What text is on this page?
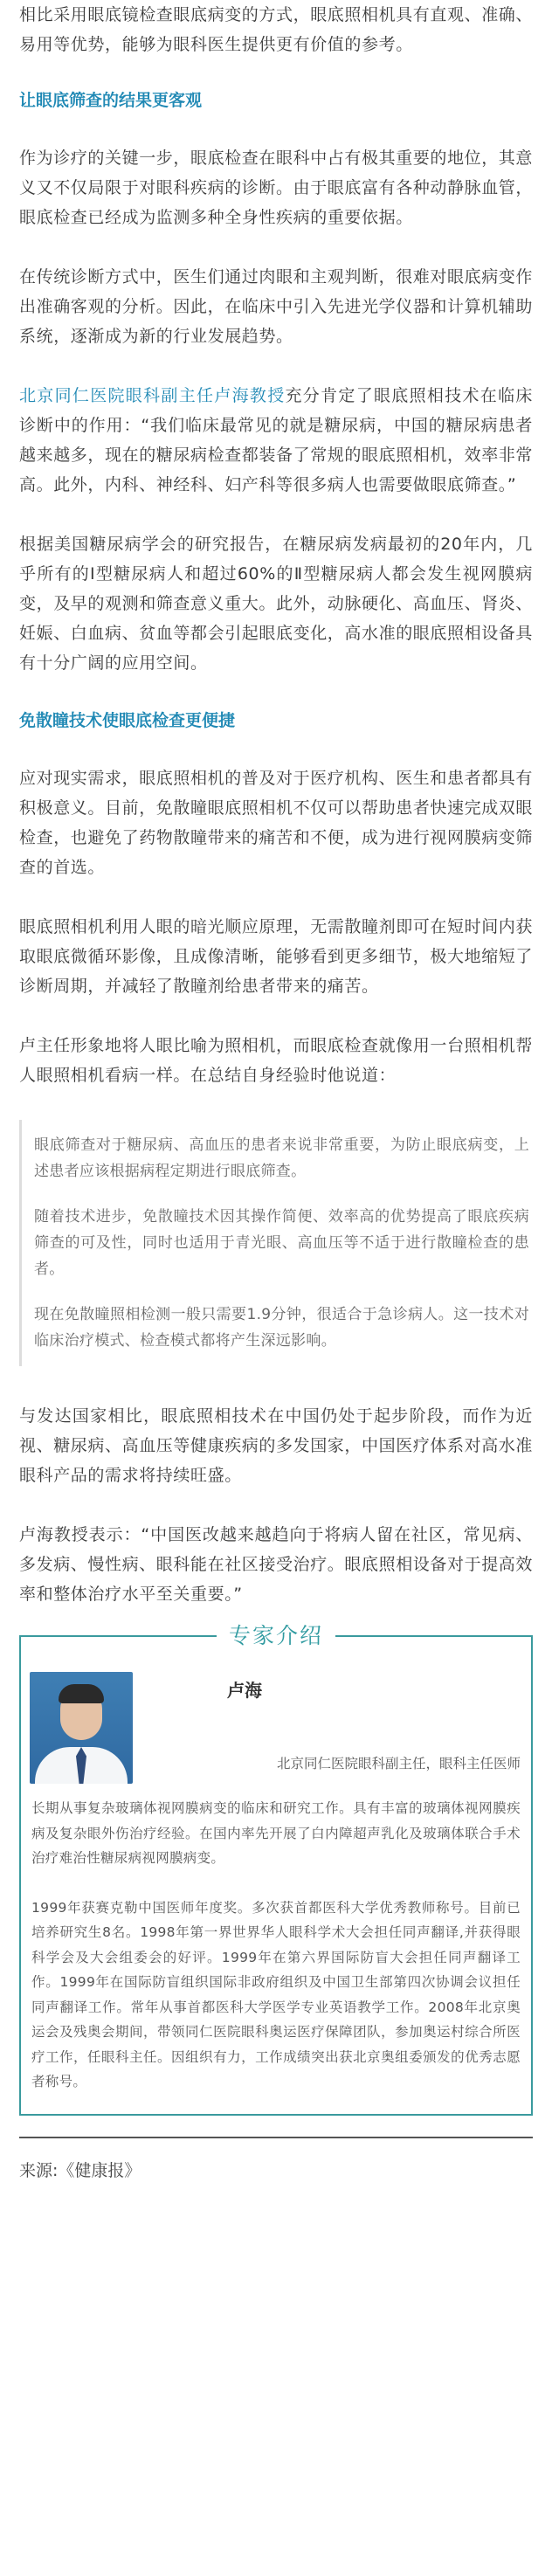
相比采用眼底镜检查眼底病变的方式，眼底照相机具有直观、准确、易用等优势，能够为眼科医生提供更有价值的参考。

让眼底筛查的结果更客观

作为诊疗的关键一步，眼底检查在眼科中占有极其重要的地位，其意义又不仅局限于对眼科疾病的诊断。由于眼底富有各种动静脉血管，眼底检查已经成为监测多种全身性疾病的重要依据。

在传统诊断方式中，医生们通过肉眼和主观判断，很难对眼底病变作出准确客观的分析。因此，在临床中引入先进光学仪器和计算机辅助系统，逐渐成为新的行业发展趋势。

北京同仁医院眼科副主任卢海教授充分肯定了眼底照相技术在临床诊断中的作用：“我们临床最常见的就是糖尿病，中国的糖尿病患者越来越多，现在的糖尿病检查都装备了常规的眼底照相机，效率非常高。此外，内科、神经科、妇产科等很多病人也需要做眼底筛查。”

根据美国糖尿病学会的研究报告，在糖尿病发病最初的20年内，几乎所有的Ⅰ型糖尿病人和超过60%的Ⅱ型糖尿病人都会发生视网膜病变，及早的观测和筛查意义重大。此外，动脉硬化、高血压、肾炎、妊娠、白血病、贫血等都会引起眼底变化，高水准的眼底照相设备具有十分广阔的应用空间。

免散瞳技术使眼底检查更便捷

应对现实需求，眼底照相机的普及对于医疗机构、医生和患者都具有积极意义。目前，免散瞳眼底照相机不仅可以帮助患者快速完成双眼检查，也避免了药物散瞳带来的痛苦和不便，成为进行视网膜病变筛查的首选。

眼底照相机利用人眼的暗光顺应原理，无需散瞳剂即可在短时间内获取眼底微循环影像，且成像清晰，能够看到更多细节，极大地缩短了诊断周期，并减轻了散瞳剂给患者带来的痛苦。

卢主任形象地将人眼比喻为照相机，而眼底检查就像用一台照相机帮人眼照相机看病一样。在总结自身经验时他说道：

眼底筛查对于糖尿病、高血压的患者来说非常重要，为防止眼底病变，上述患者应该根据病程定期进行眼底筛查。

随着技术进步，免散瞳技术因其操作简便、效率高的优势提高了眼底疾病筛查的可及性，同时也适用于青光眼、高血压等不适于进行散瞳检查的患者。

现在免散瞳照相检测一般只需要1.9分钟，很适合于急诊病人。这一技术对临床治疗模式、检查模式都将产生深远影响。

与发达国家相比，眼底照相技术在中国仍处于起步阶段，而作为近视、糖尿病、高血压等健康疾病的多发国家，中国医疗体系对高水准眼科产品的需求将持续旺盛。

卢海教授表示：“中国医改越来越趋向于将病人留在社区，常见病、多发病、慢性病、眼科能在社区接受治疗。眼底照相设备对于提高效率和整体治疗水平至关重要。”

专家介绍
卢海
北京同仁医院眼科副主任，眼科主任医师

长期从事复杂玻璃体视网膜病变的临床和研究工作。具有丰富的玻璃体视网膜疾病及复杂眼外伤治疗经验。在国内率先开展了白内障超声乳化及玻璃体联合手术治疗难治性糖尿病视网膜病变。

1999年获赛克勒中国医师年度奖。多次获首都医科大学优秀教师称号。目前已培养研究生8名。1998年第一界世界华人眼科学术大会担任同声翻译,并获得眼科学会及大会组委会的好评。1999年在第六界国际防盲大会担任同声翻译工作。1999年在国际防盲组织国际非政府组织及中国卫生部第四次协调会议担任同声翻译工作。常年从事首都医科大学医学专业英语教学工作。2008年北京奥运会及残奥会期间，带领同仁医院眼科奥运医疗保障团队，参加奥运村综合所医疗工作，任眼科主任。因组织有力，工作成绩突出获北京奥组委颁发的优秀志愿者称号。

来源:《健康报》
